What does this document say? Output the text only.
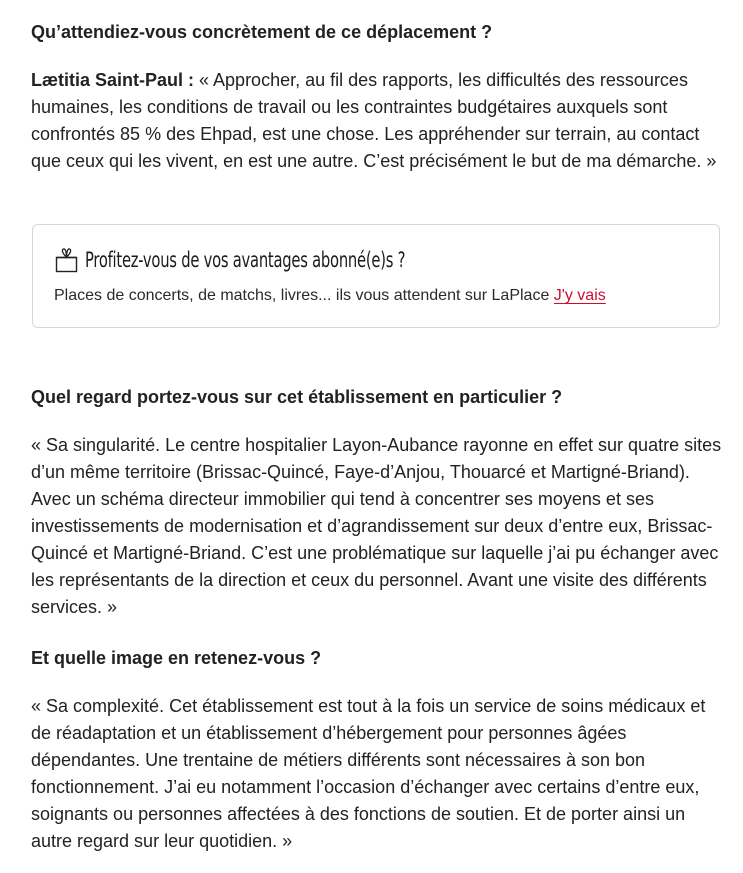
Qu’attendiez-vous concrètement de ce déplacement ?

Lætitia Saint-Paul : « Approcher, au fil des rapports, les difficultés des ressources humaines, les conditions de travail ou les contraintes budgétaires auxquels sont confrontés 85 % des Ehpad, est une chose. Les appréhender sur terrain, au contact que ceux qui les vivent, en est une autre. C’est précisément le but de ma démarche. »

Profitez-vous de vos avantages abonné(e)s ?
Places de concerts, de matchs, livres... ils vous attendent sur LaPlace J'y vais

Quel regard portez-vous sur cet établissement en particulier ?

« Sa singularité. Le centre hospitalier Layon-Aubance rayonne en effet sur quatre sites d’un même territoire (Brissac-Quincé, Faye-d’Anjou, Thouarcé et Martigné-Briand). Avec un schéma directeur immobilier qui tend à concentrer ses moyens et ses investissements de modernisation et d’agrandissement sur deux d’entre eux, Brissac-Quincé et Martigné-Briand. C’est une problématique sur laquelle j’ai pu échanger avec les représentants de la direction et ceux du personnel. Avant une visite des différents services. »

Et quelle image en retenez-vous ?

« Sa complexité. Cet établissement est tout à la fois un service de soins médicaux et de réadaptation et un établissement d’hébergement pour personnes âgées dépendantes. Une trentaine de métiers différents sont nécessaires à son bon fonctionnement. J’ai eu notamment l’occasion d’échanger avec certains d’entre eux, soignants ou personnes affectées à des fonctions de soutien. Et de porter ainsi un autre regard sur leur quotidien. »
